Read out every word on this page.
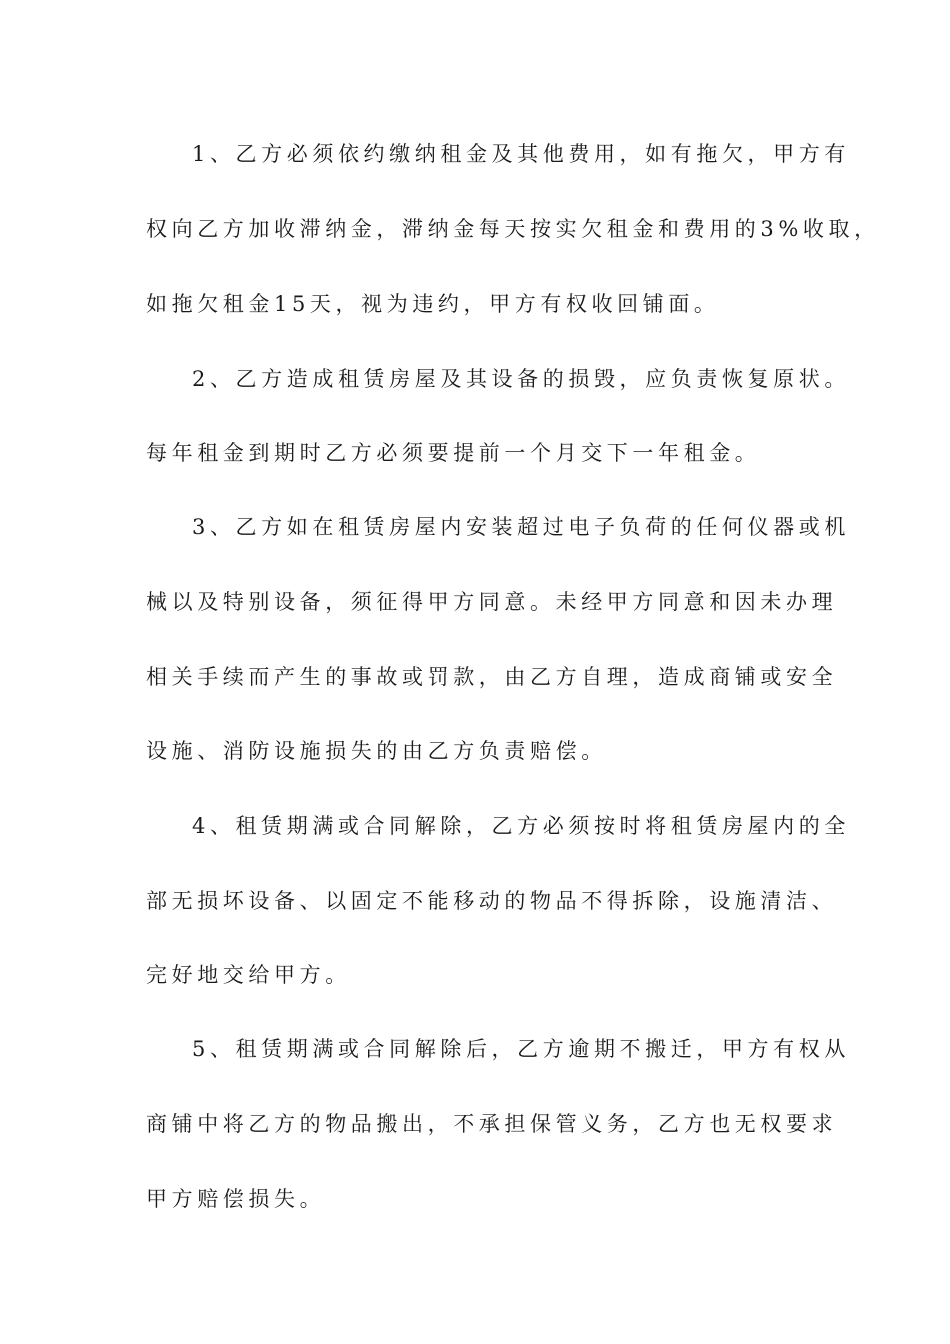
1、乙方必须依约缴纳租金及其他费用，如有拖欠，甲方有
权向乙方加收滞纳金，滞纳金每天按实欠租金和费用的3%收取，
如拖欠租金15天，视为违约，甲方有权收回铺面。
2、乙方造成租赁房屋及其设备的损毁，应负责恢复原状。
每年租金到期时乙方必须要提前一个月交下一年租金。
3、乙方如在租赁房屋内安装超过电子负荷的任何仪器或机
械以及特别设备，须征得甲方同意。未经甲方同意和因未办理
相关手续而产生的事故或罚款，由乙方自理，造成商铺或安全
设施、消防设施损失的由乙方负责赔偿。
4、租赁期满或合同解除，乙方必须按时将租赁房屋内的全
部无损坏设备、以固定不能移动的物品不得拆除，设施清洁、
完好地交给甲方。
5、租赁期满或合同解除后，乙方逾期不搬迁，甲方有权从
商铺中将乙方的物品搬出，不承担保管义务，乙方也无权要求
甲方赔偿损失。
